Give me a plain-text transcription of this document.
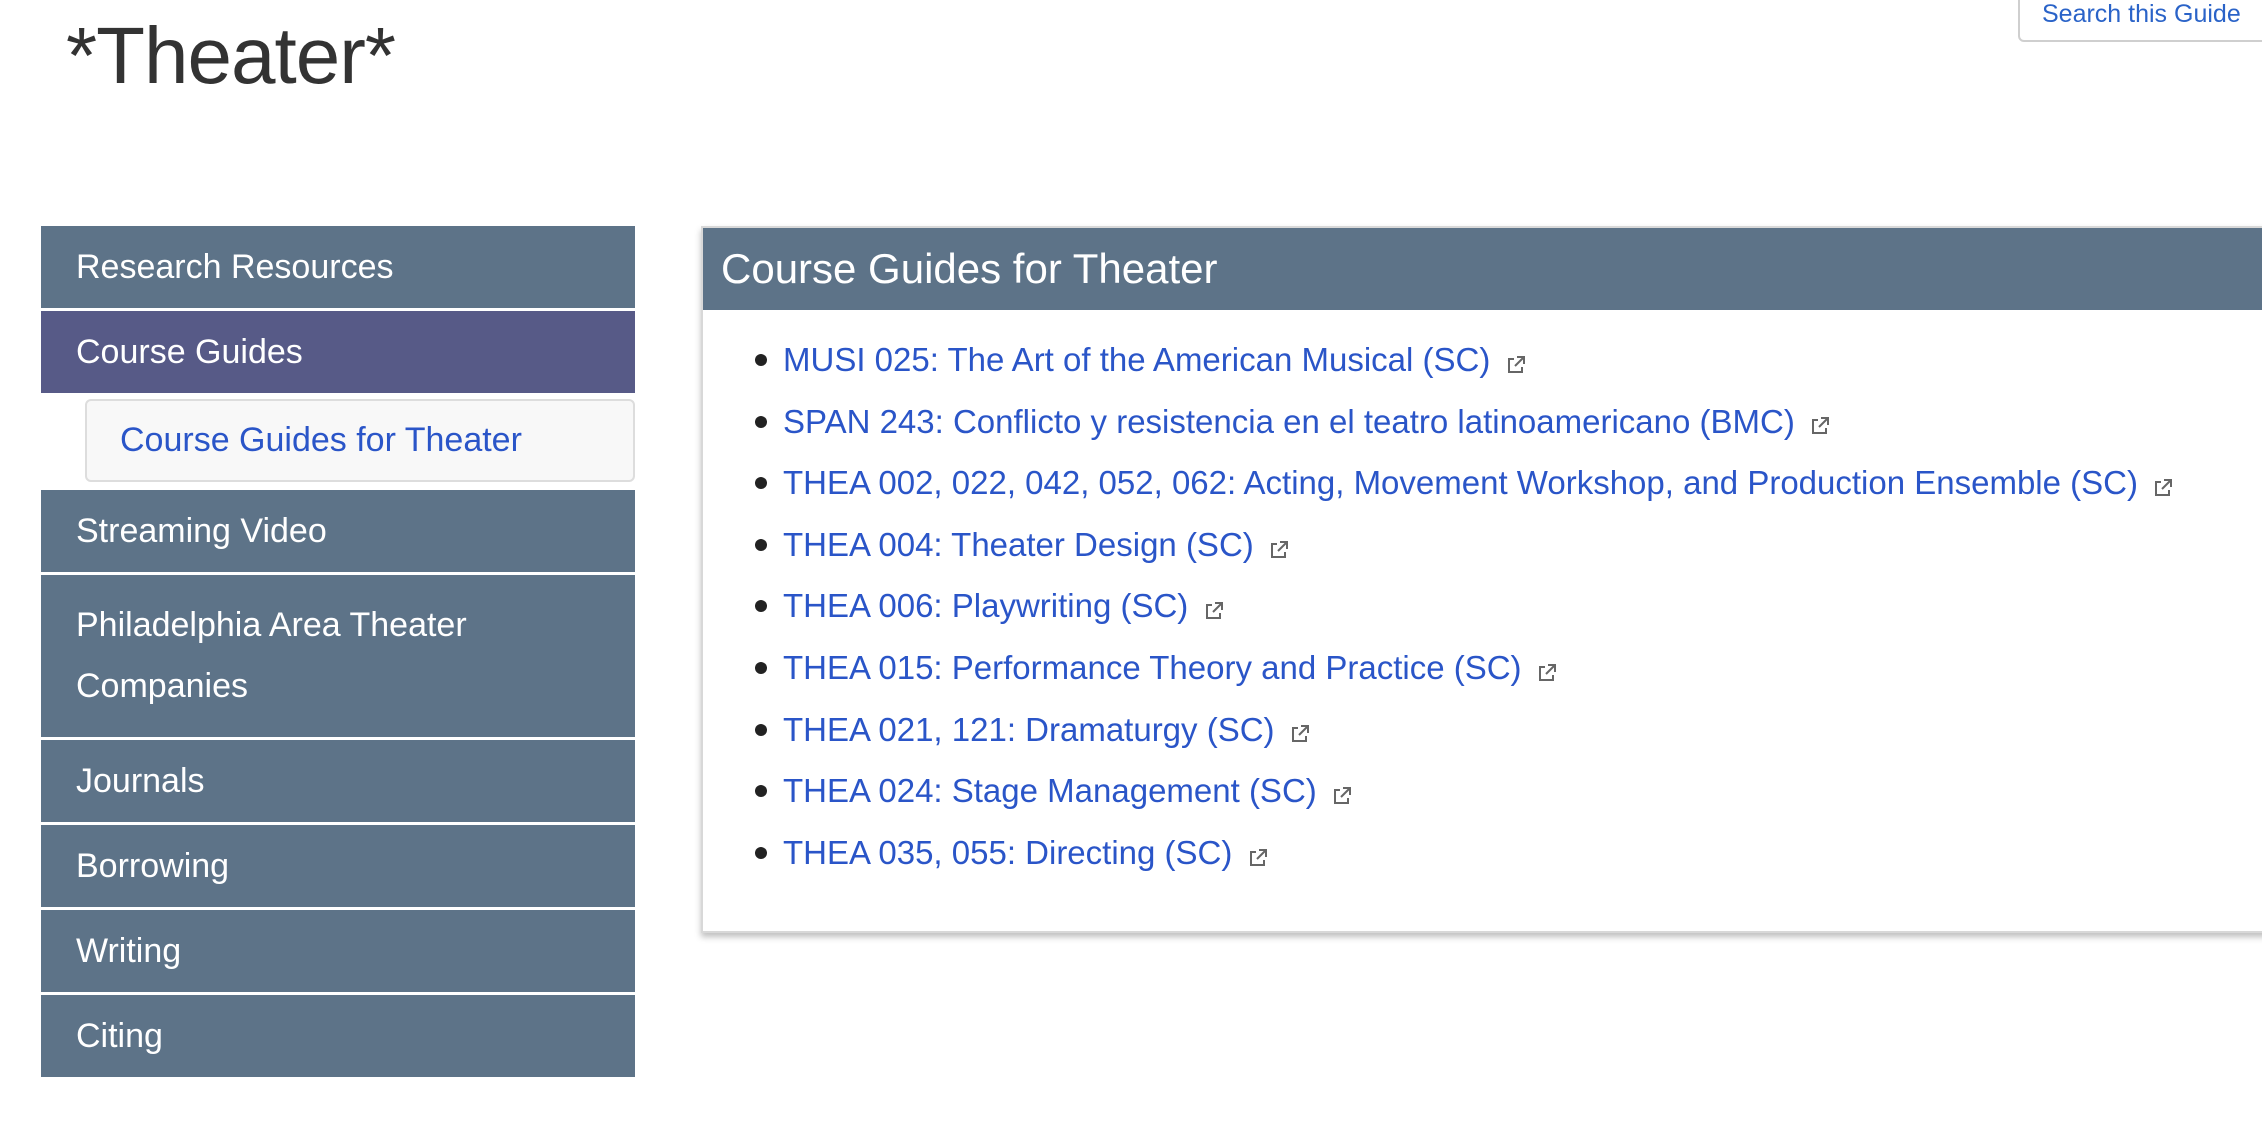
*Theater*	Search this Guide
Research Resources
Course Guides
Course Guides for Theater
Streaming Video
Philadelphia Area Theater Companies
Journals
Borrowing
Writing
Citing
Course Guides for Theater
MUSI 025: The Art of the American Musical (SC)
SPAN 243: Conflicto y resistencia en el teatro latinoamericano (BMC)
THEA 002, 022, 042, 052, 062: Acting, Movement Workshop, and Production Ensemble (SC)
THEA 004: Theater Design (SC)
THEA 006: Playwriting (SC)
THEA 015: Performance Theory and Practice (SC)
THEA 021, 121: Dramaturgy (SC)
THEA 024: Stage Management (SC)
THEA 035, 055: Directing (SC)
